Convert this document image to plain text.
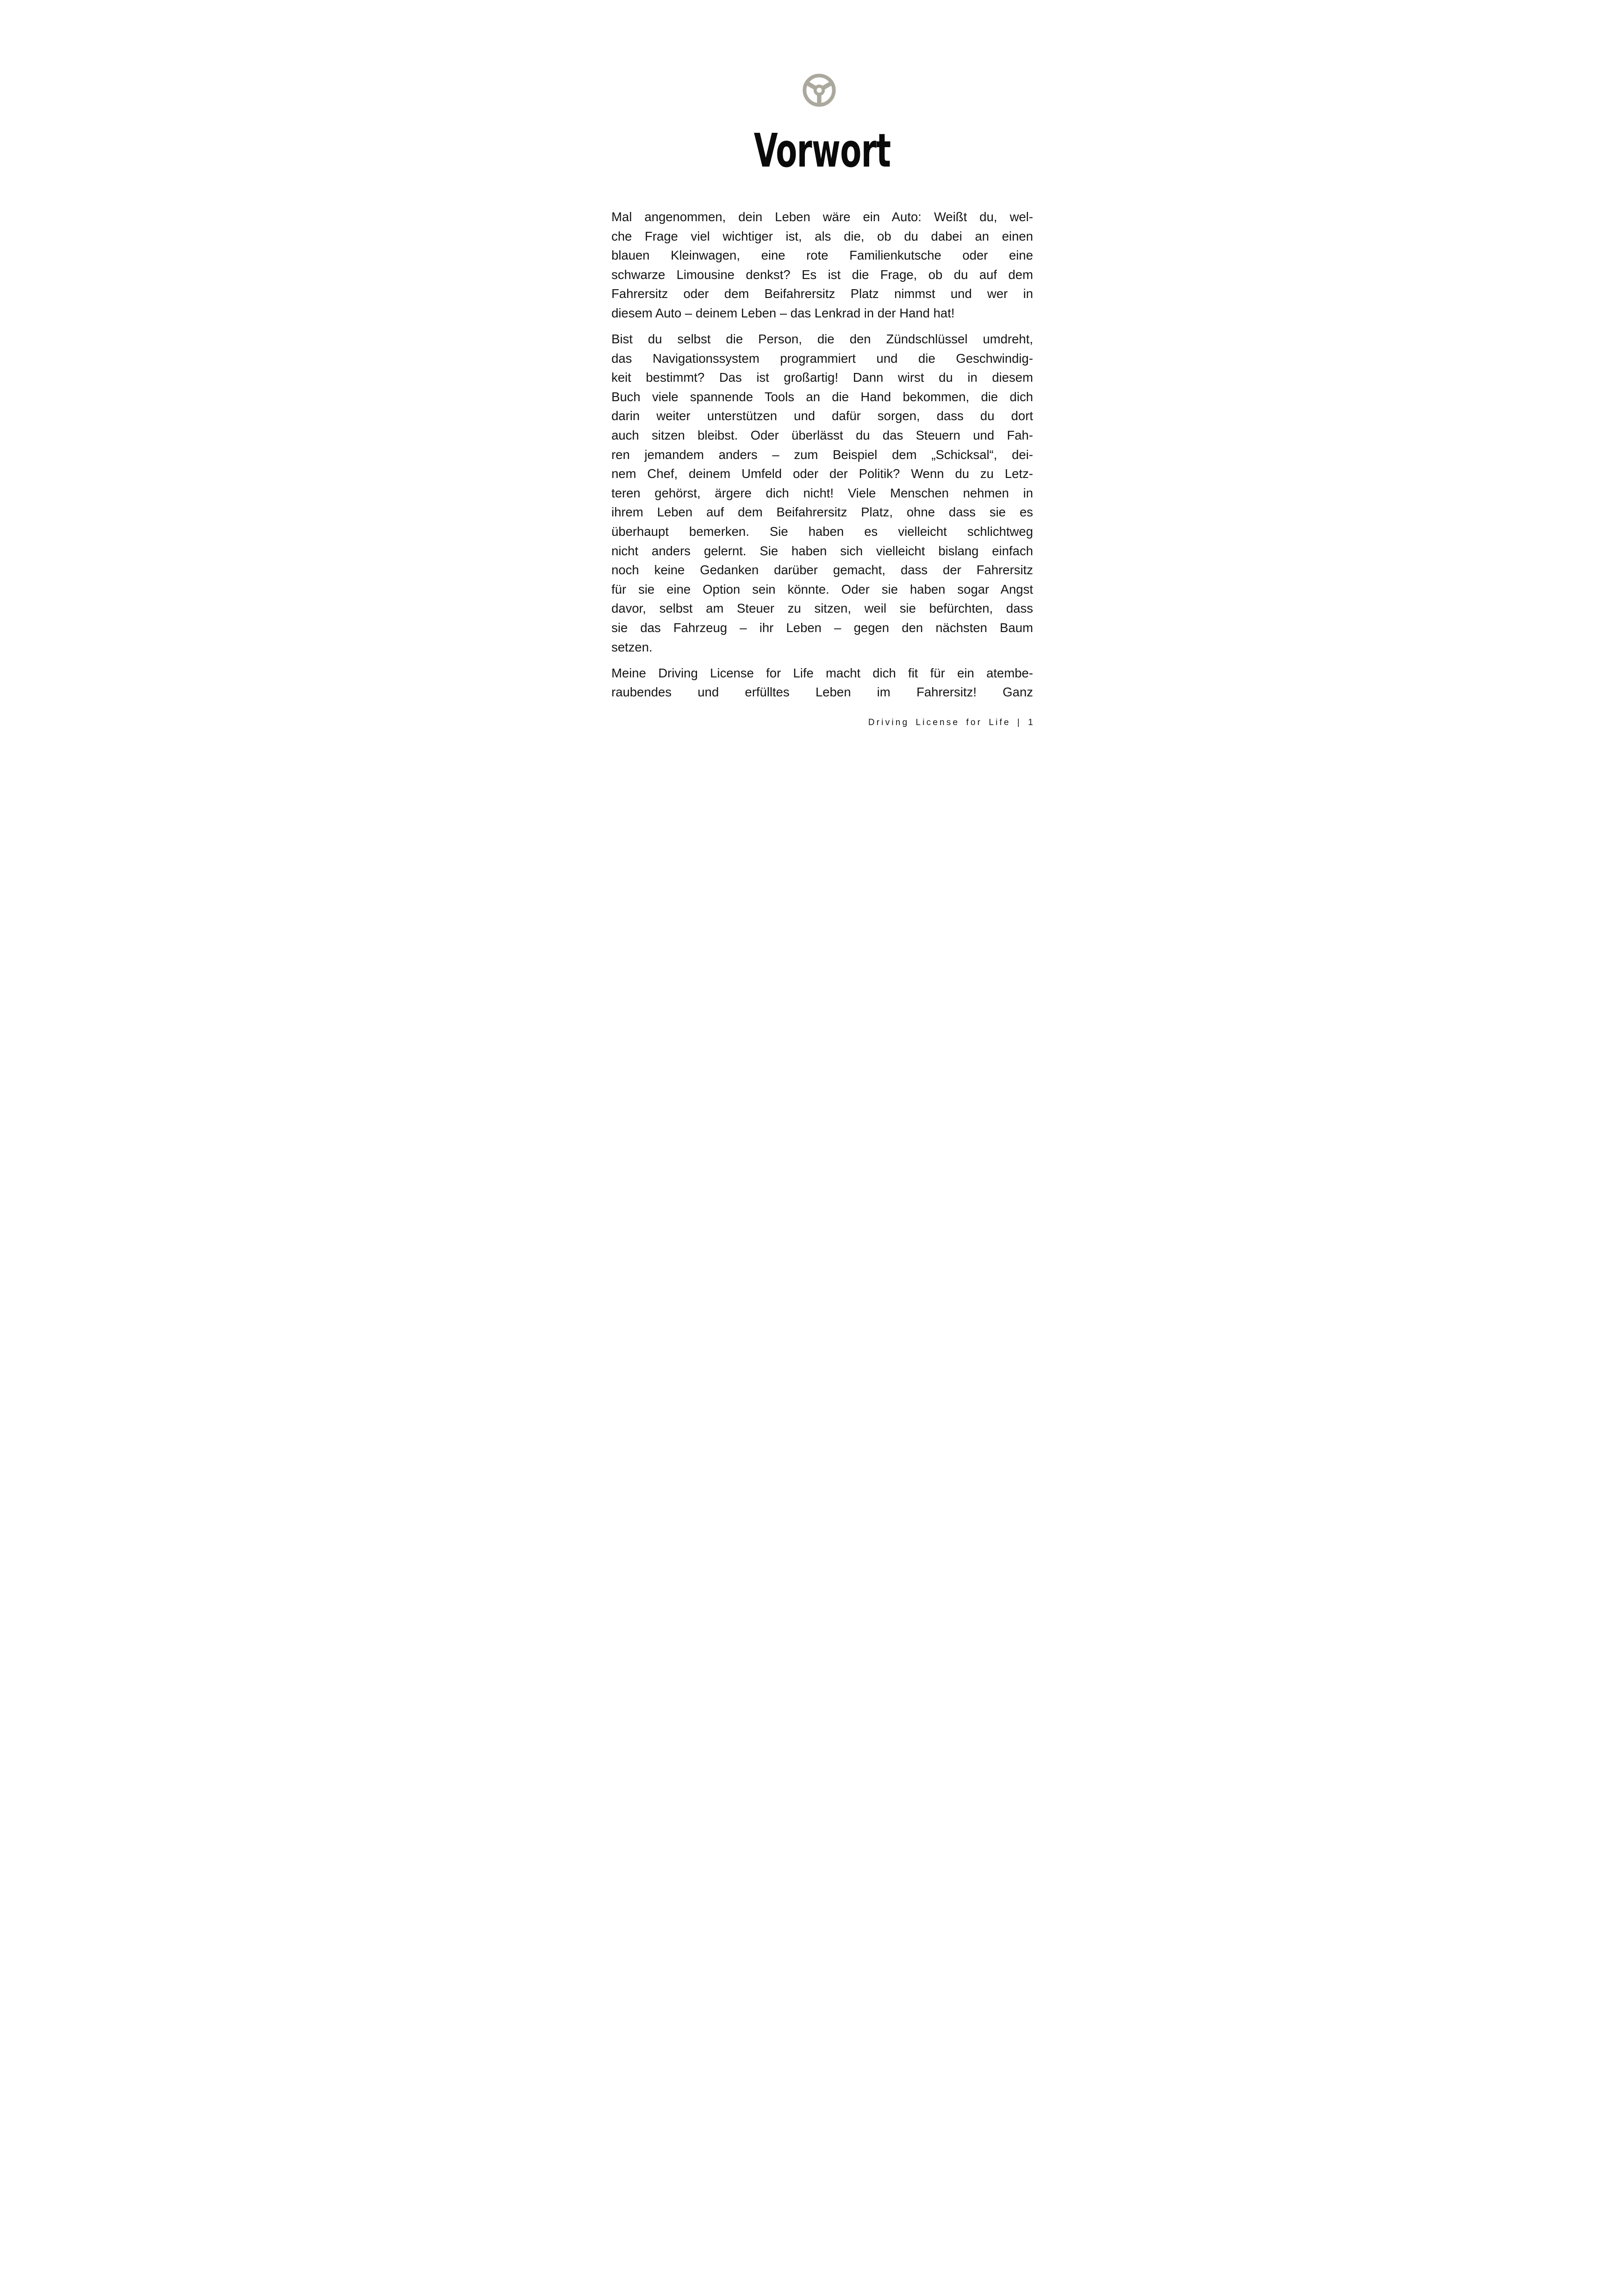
Vorwort
Mal angenommen, dein Leben wäre ein Auto: Weißt du, wel-
che Frage viel wichtiger ist, als die, ob du dabei an einen
blauen Kleinwagen, eine rote Familienkutsche oder eine
schwarze Limousine denkst? Es ist die Frage, ob du auf dem
Fahrersitz oder dem Beifahrersitz Platz nimmst und wer in
diesem Auto – deinem Leben – das Lenkrad in der Hand hat!
Bist du selbst die Person, die den Zündschlüssel umdreht,
das Navigationssystem programmiert und die Geschwindig-
keit bestimmt? Das ist großartig! Dann wirst du in diesem
Buch viele spannende Tools an die Hand bekommen, die dich
darin weiter unterstützen und dafür sorgen, dass du dort
auch sitzen bleibst. Oder überlässt du das Steuern und Fah-
ren jemandem anders – zum Beispiel dem „Schicksal“, dei-
nem Chef, deinem Umfeld oder der Politik? Wenn du zu Letz-
teren gehörst, ärgere dich nicht! Viele Menschen nehmen in
ihrem Leben auf dem Beifahrersitz Platz, ohne dass sie es
überhaupt bemerken. Sie haben es vielleicht schlichtweg
nicht anders gelernt. Sie haben sich vielleicht bislang einfach
noch keine Gedanken darüber gemacht, dass der Fahrersitz
für sie eine Option sein könnte. Oder sie haben sogar Angst
davor, selbst am Steuer zu sitzen, weil sie befürchten, dass
sie das Fahrzeug – ihr Leben – gegen den nächsten Baum
setzen.
Meine Driving License for Life macht dich fit für ein atembe-
raubendes und erfülltes Leben im Fahrersitz! Ganz
Driving License for Life | 1
